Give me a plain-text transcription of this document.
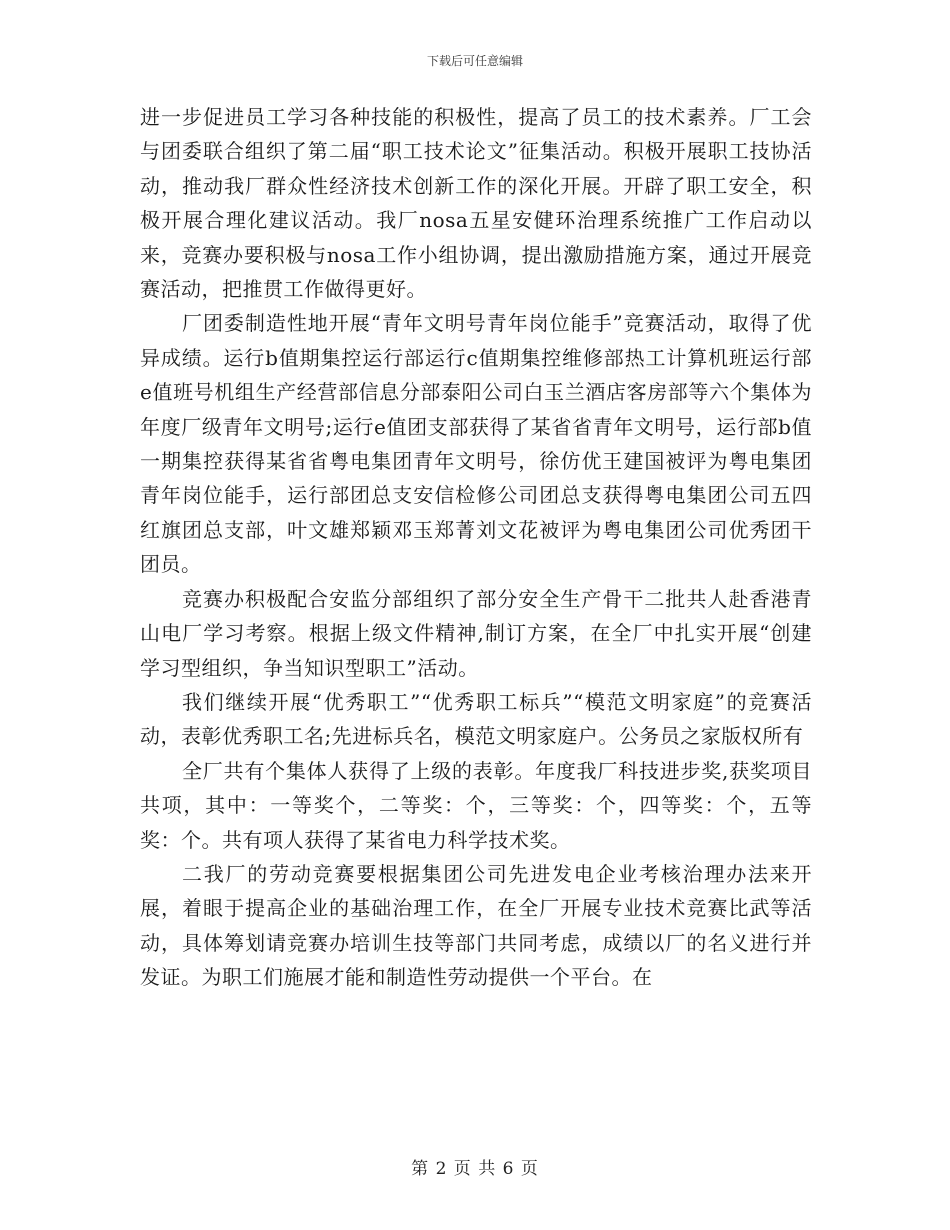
下载后可任意编辑

进一步促进员工学习各种技能的积极性，提高了员工的技术素养。厂工会与团委联合组织了第二届“职工技术论文”征集活动。积极开展职工技协活动，推动我厂群众性经济技术创新工作的深化开展。开辟了职工安全，积极开展合理化建议活动。我厂nosa五星安健环治理系统推广工作启动以来，竞赛办要积极与nosa工作小组协调，提出激励措施方案，通过开展竞赛活动，把推贯工作做得更好。

厂团委制造性地开展“青年文明号青年岗位能手”竞赛活动，取得了优异成绩。运行b值期集控运行部运行c值期集控维修部热工计算机班运行部e值班号机组生产经营部信息分部泰阳公司白玉兰酒店客房部等六个集体为年度厂级青年文明号;运行e值团支部获得了某省省青年文明号，运行部b值一期集控获得某省省粤电集团青年文明号，徐仿优王建国被评为粤电集团青年岗位能手，运行部团总支安信检修公司团总支获得粤电集团公司五四红旗团总支部，叶文雄郑颖邓玉郑菁刘文花被评为粤电集团公司优秀团干团员。

竞赛办积极配合安监分部组织了部分安全生产骨干二批共人赴香港青山电厂学习考察。根据上级文件精神,制订方案，在全厂中扎实开展“创建学习型组织，争当知识型职工”活动。

我们继续开展“优秀职工”“优秀职工标兵”“模范文明家庭”的竞赛活动，表彰优秀职工名;先进标兵名，模范文明家庭户。公务员之家版权所有

全厂共有个集体人获得了上级的表彰。年度我厂科技进步奖,获奖项目共项，其中：一等奖个，二等奖：个，三等奖：个，四等奖：个，五等奖：个。共有项人获得了某省电力科学技术奖。

二我厂的劳动竞赛要根据集团公司先进发电企业考核治理办法来开展，着眼于提高企业的基础治理工作，在全厂开展专业技术竞赛比武等活动，具体筹划请竞赛办培训生技等部门共同考虑，成绩以厂的名义进行并发证。为职工们施展才能和制造性劳动提供一个平台。在

第 2 页 共 6 页
